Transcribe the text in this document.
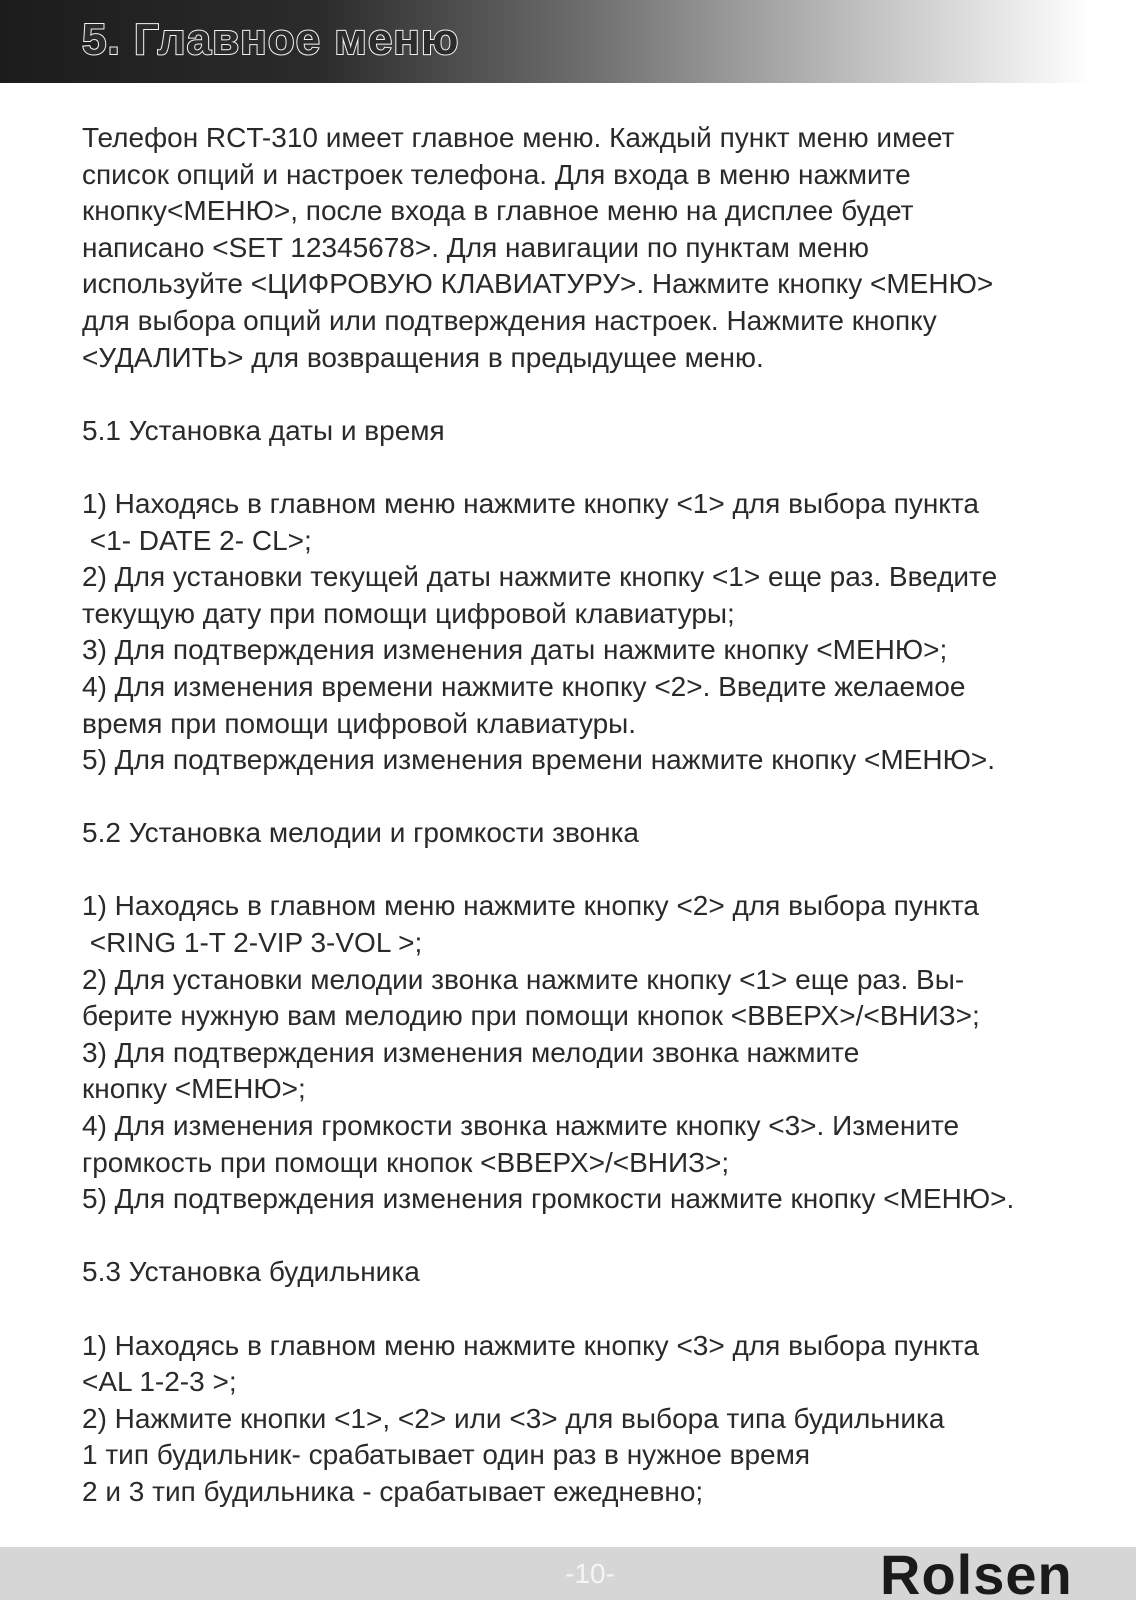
5. Главное меню
Телефон RCT-310 имеет главное меню. Каждый пункт меню имеет
список опций и настроек телефона. Для входа в меню нажмите
кнопку<МЕНЮ>, после входа в главное меню на дисплее будет
написано <SET 12345678>. Для навигации по пунктам меню
используйте <ЦИФРОВУЮ КЛАВИАТУРУ>. Нажмите кнопку <МЕНЮ>
для выбора опций или подтверждения настроек. Нажмите кнопку
<УДАЛИТЬ> для возвращения в предыдущее меню.
5.1 Установка даты и время
1) Находясь в главном меню нажмите кнопку <1> для выбора пункта
<1- DATE 2- CL>;
2) Для установки текущей даты нажмите кнопку <1> еще раз. Введите
текущую дату при помощи цифровой клавиатуры;
3) Для подтверждения изменения даты нажмите кнопку <МЕНЮ>;
4) Для изменения времени нажмите кнопку <2>. Введите желаемое
время при помощи цифровой клавиатуры.
5) Для подтверждения изменения времени нажмите кнопку <МЕНЮ>.
5.2 Установка мелодии и громкости звонка
1) Находясь в главном меню нажмите кнопку <2> для выбора пункта
<RING 1-T 2-VIP 3-VOL >;
2) Для установки мелодии звонка нажмите кнопку <1> еще раз. Вы-
берите нужную вам мелодию при помощи кнопок <ВВЕРХ>/<ВНИЗ>;
3) Для подтверждения изменения мелодии звонка нажмите
кнопку <МЕНЮ>;
4) Для изменения громкости звонка нажмите кнопку <3>. Измените
громкость при помощи кнопок <ВВЕРХ>/<ВНИЗ>;
5) Для подтверждения изменения громкости нажмите кнопку <МЕНЮ>.
5.3 Установка будильника
1) Находясь в главном меню нажмите кнопку <3> для выбора пункта
<AL 1-2-3 >;
2) Нажмите кнопки <1>, <2> или <3> для выбора типа будильника
1 тип будильник- срабатывает один раз в нужное время
2 и 3 тип будильника - срабатывает ежедневно;
-10-	Rolsen
